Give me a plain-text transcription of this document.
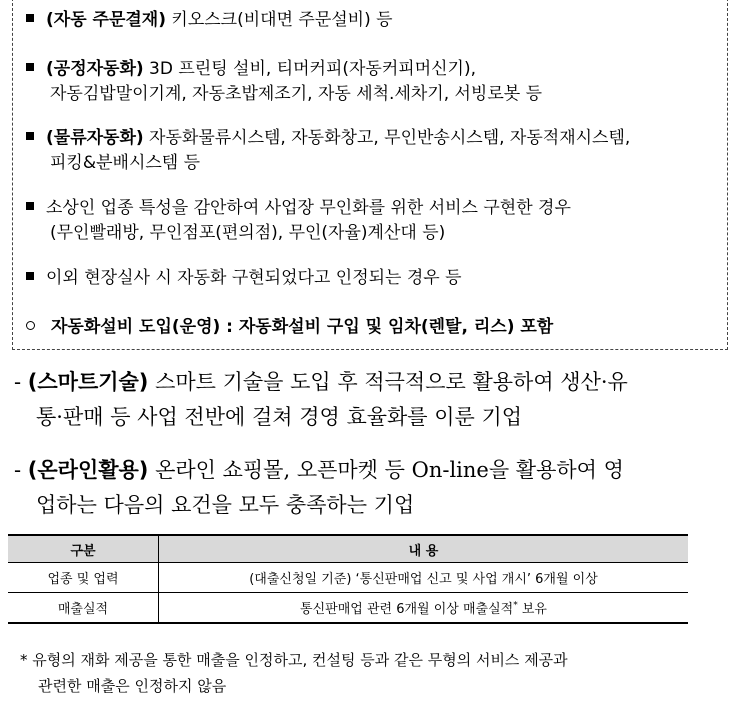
(자동 주문결재) 키오스크(비대면 주문설비) 등
(공정자동화) 3D 프린팅 설비, 티머커피(자동커피머신기),
자동김밥말이기계, 자동초밥제조기, 자동 세척.세차기, 서빙로봇 등
(물류자동화) 자동화물류시스템, 자동화창고, 무인반송시스템, 자동적재시스템,
피킹&분배시스템 등
소상인 업종 특성을 감안하여 사업장 무인화를 위한 서비스 구현한 경우
(무인빨래방, 무인점포(편의점), 무인(자율)계산대 등)
이외 현장실사 시 자동화 구현되었다고 인정되는 경우 등
자동화설비 도입(운영) : 자동화설비 구입 및 임차(렌탈, 리스) 포함
- (스마트기술) 스마트 기술을 도입 후 적극적으로 활용하여 생산·유
통·판매 등 사업 전반에 걸쳐 경영 효율화를 이룬 기업
- (온라인활용) 온라인 쇼핑몰, 오픈마켓 등 On-line을 활용하여 영
업하는 다음의 요건을 모두 충족하는 기업
구분	내 용
업종 및 업력	(대출신청일 기준) ‘통신판매업 신고 및 사업 개시’ 6개월 이상
매출실적	통신판매업 관련 6개월 이상 매출실적* 보유
* 유형의 재화 제공을 통한 매출을 인정하고, 컨설팅 등과 같은 무형의 서비스 제공과
관련한 매출은 인정하지 않음
